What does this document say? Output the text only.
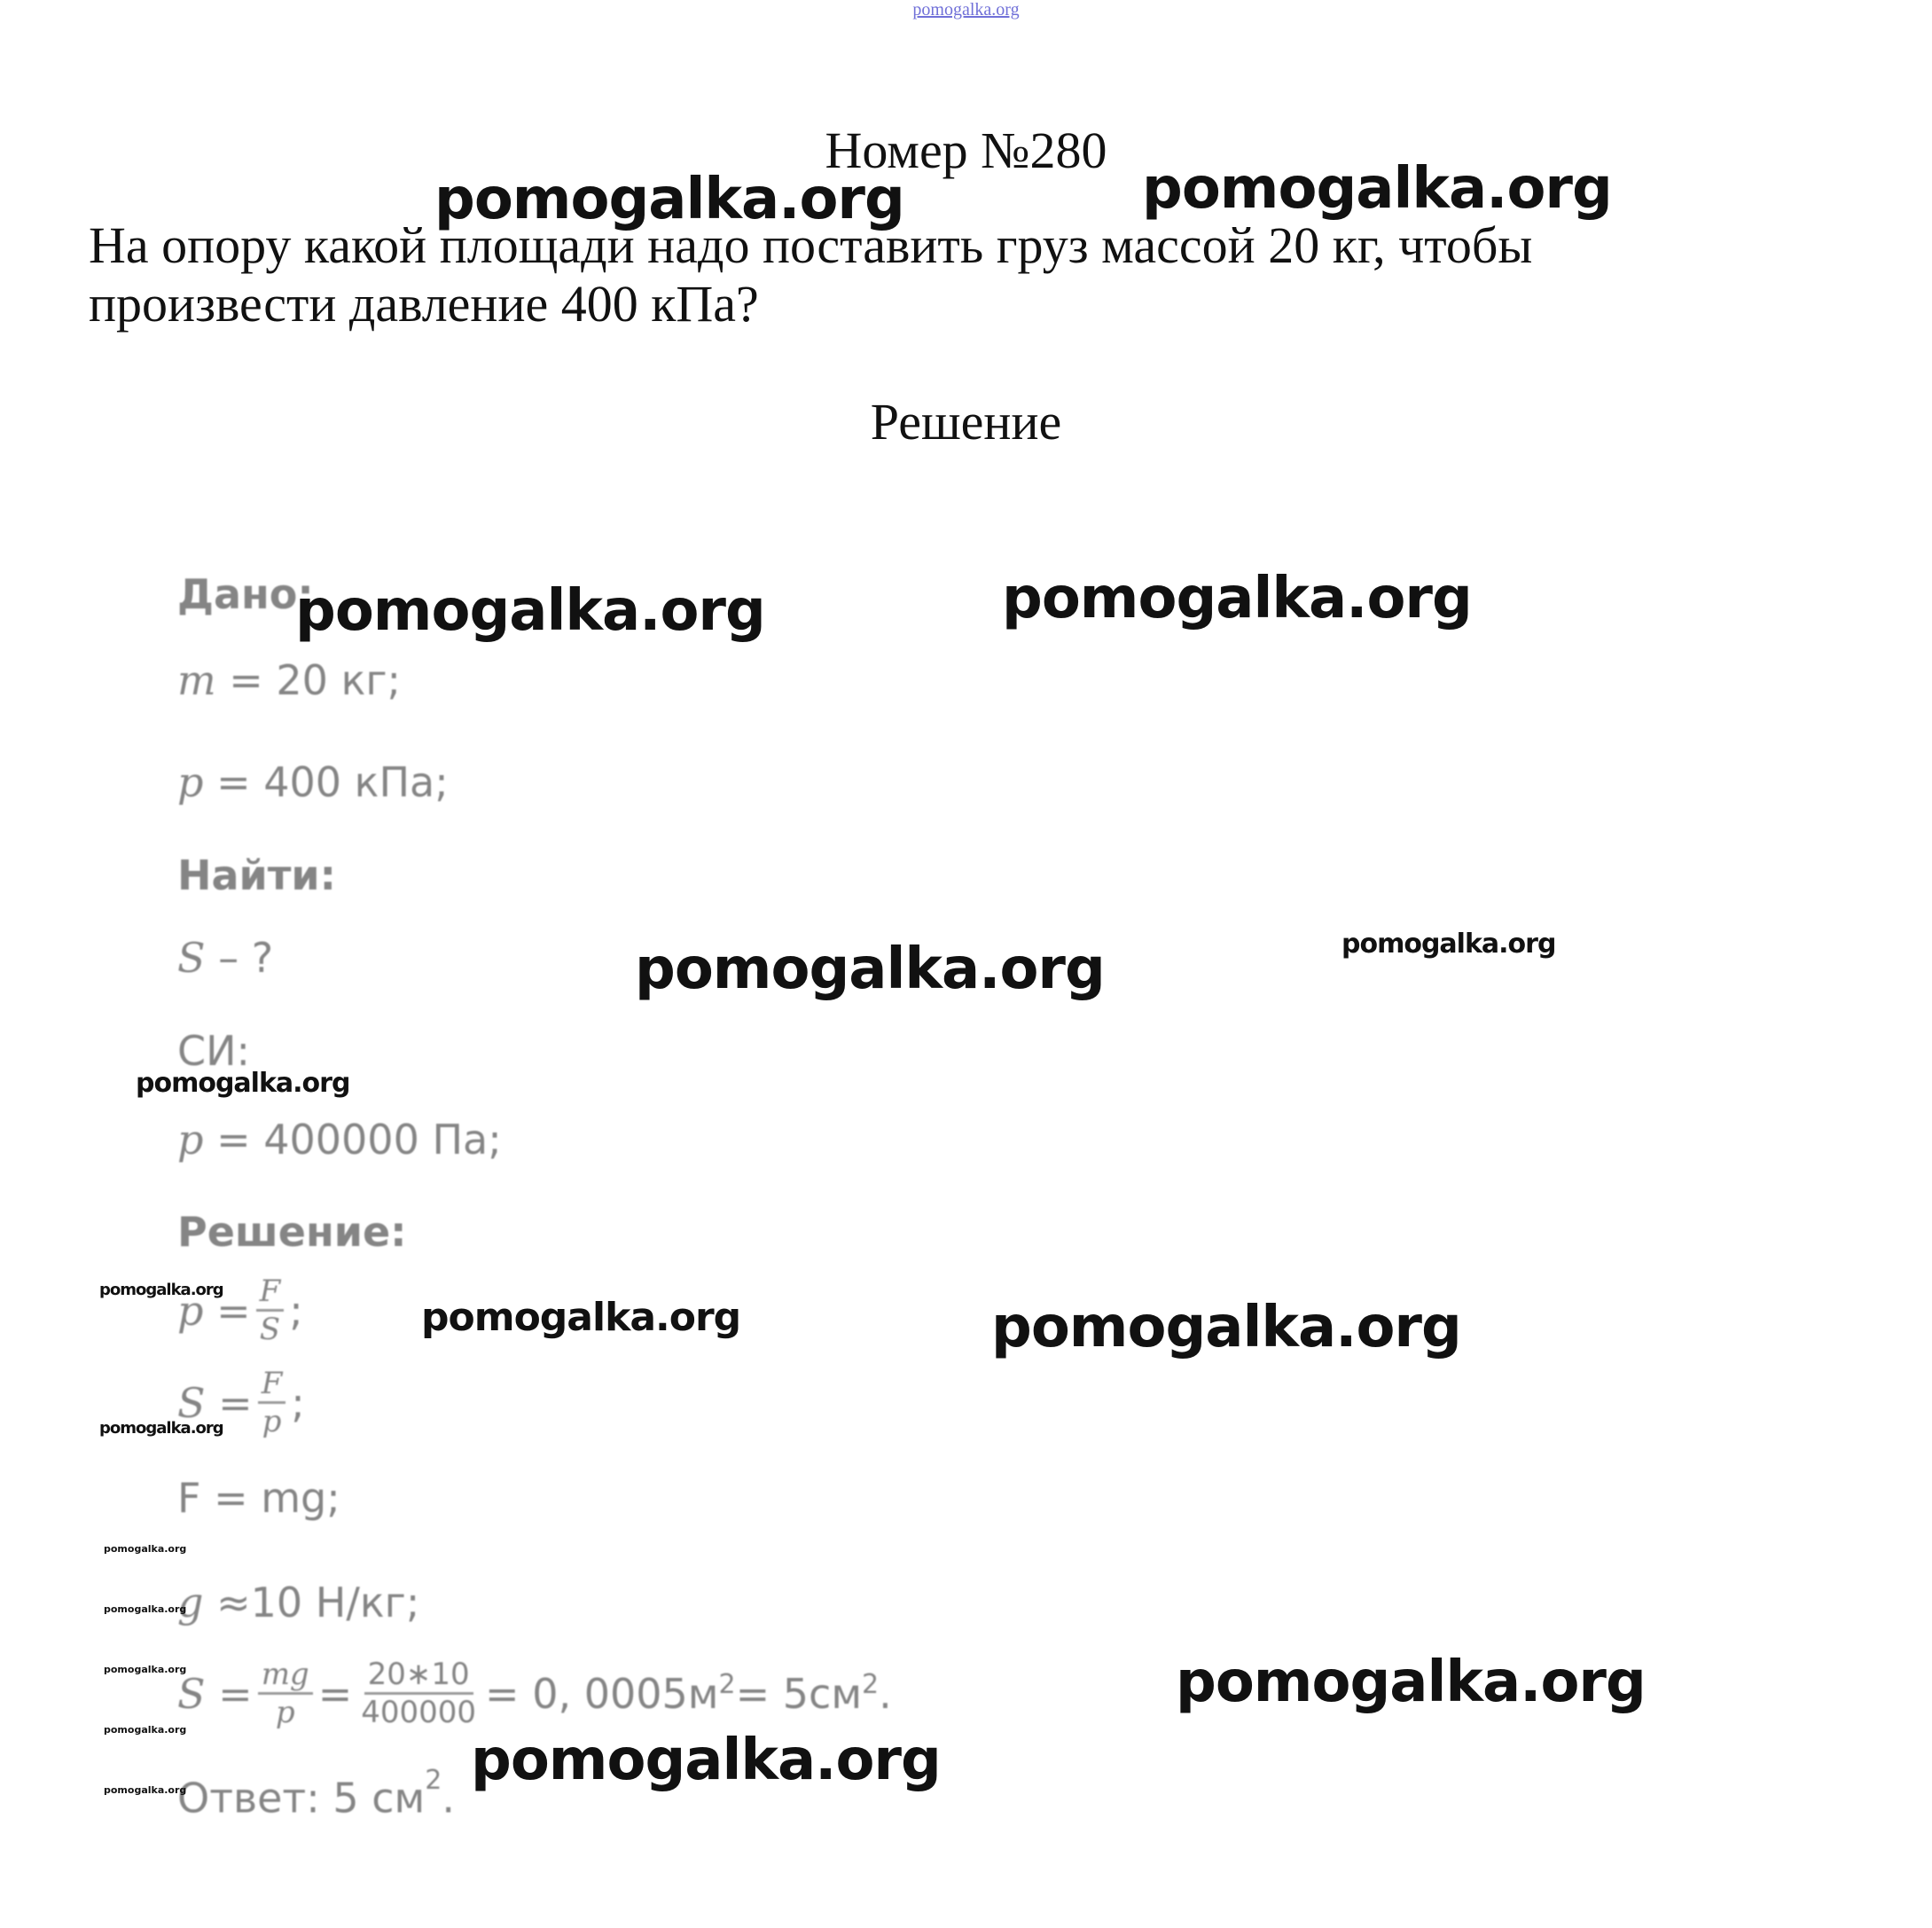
pomogalka.org
Номер №280
На опору какой площади надо поставить груз массой 20 кг, чтобы
произвести давление 400 кПа?
Решение
Дано:
m = 20 кг;
p = 400 кПа;
Найти:
S – ?
СИ:
p = 400000 Па;
Решение:
$p = \frac{F}{S}$ ;
$S = \frac{F}{p}$ ;
F = mg;
g ≈10 Н/кг;
$S = \frac{mg}{p} = \frac{20∗10}{400000} = 0$, $0005м^2 = 5см^2$ .
Ответ: 5 $см^2$.
pomogalka.org	pomogalka.org
pomogalka.org	pomogalka.org
pomogalka.org	pomogalka.org
pomogalka.org
pomogalka.org
pomogalka.org	pomogalka.org
pomogalka.org
pomogalka.org
pomogalka.org
pomogalka.org	pomogalka.org
pomogalka.org	pomogalka.org
pomogalka.org
